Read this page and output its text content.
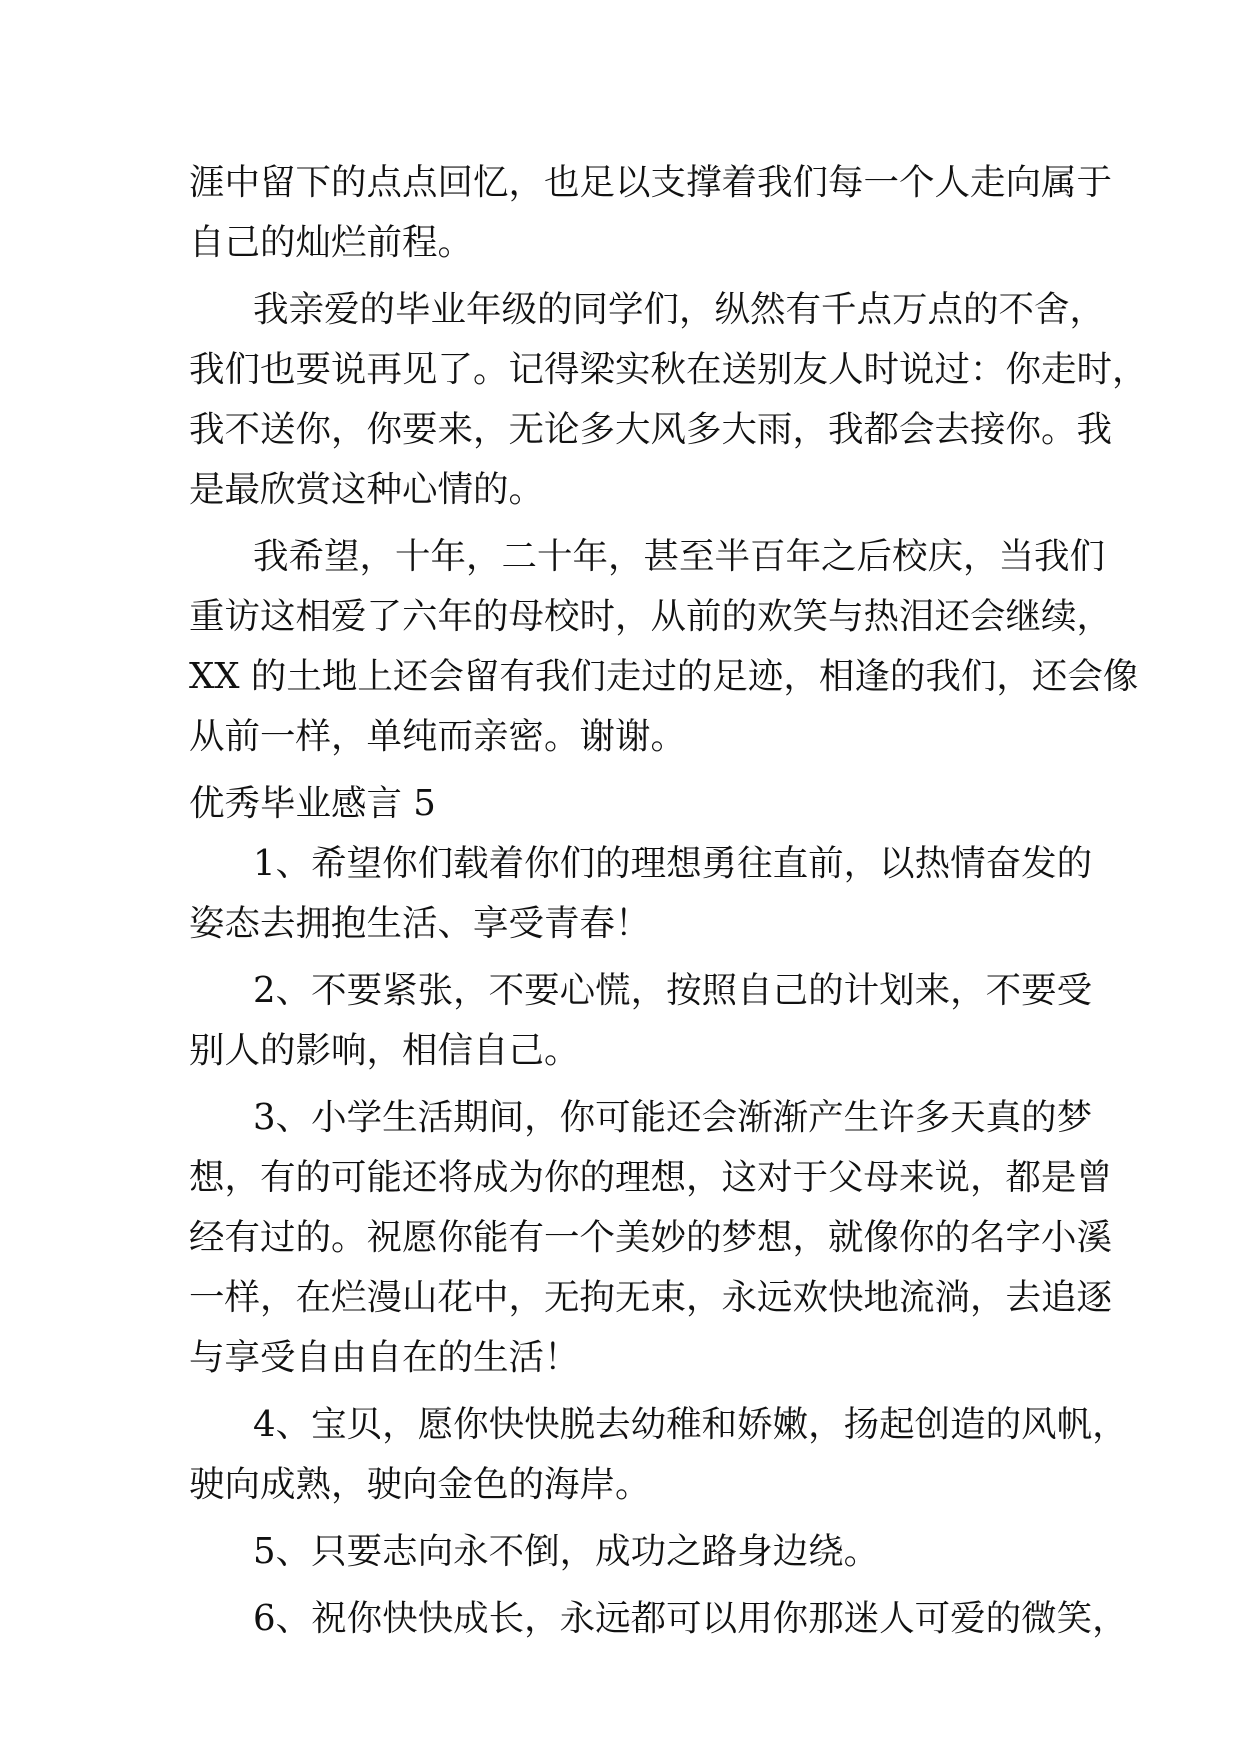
涯中留下的点点回忆，也足以支撑着我们每一个人走向属于
自己的灿烂前程。
我亲爱的毕业年级的同学们，纵然有千点万点的不舍，
我们也要说再见了。记得梁实秋在送别友人时说过：你走时，
我不送你，你要来，无论多大风多大雨，我都会去接你。我
是最欣赏这种心情的。
我希望，十年，二十年，甚至半百年之后校庆，当我们
重访这相爱了六年的母校时，从前的欢笑与热泪还会继续，
XX 的土地上还会留有我们走过的足迹，相逢的我们，还会像
从前一样，单纯而亲密。谢谢。
优秀毕业感言 5
1、希望你们载着你们的理想勇往直前，以热情奋发的
姿态去拥抱生活、享受青春！
2、不要紧张，不要心慌，按照自己的计划来，不要受
别人的影响，相信自己。
3、小学生活期间，你可能还会渐渐产生许多天真的梦
想，有的可能还将成为你的理想，这对于父母来说，都是曾
经有过的。祝愿你能有一个美妙的梦想，就像你的名字小溪
一样，在烂漫山花中，无拘无束，永远欢快地流淌，去追逐
与享受自由自在的生活！
4、宝贝，愿你快快脱去幼稚和娇嫩，扬起创造的风帆，
驶向成熟，驶向金色的海岸。
5、只要志向永不倒，成功之路身边绕。
6、祝你快快成长，永远都可以用你那迷人可爱的微笑，
